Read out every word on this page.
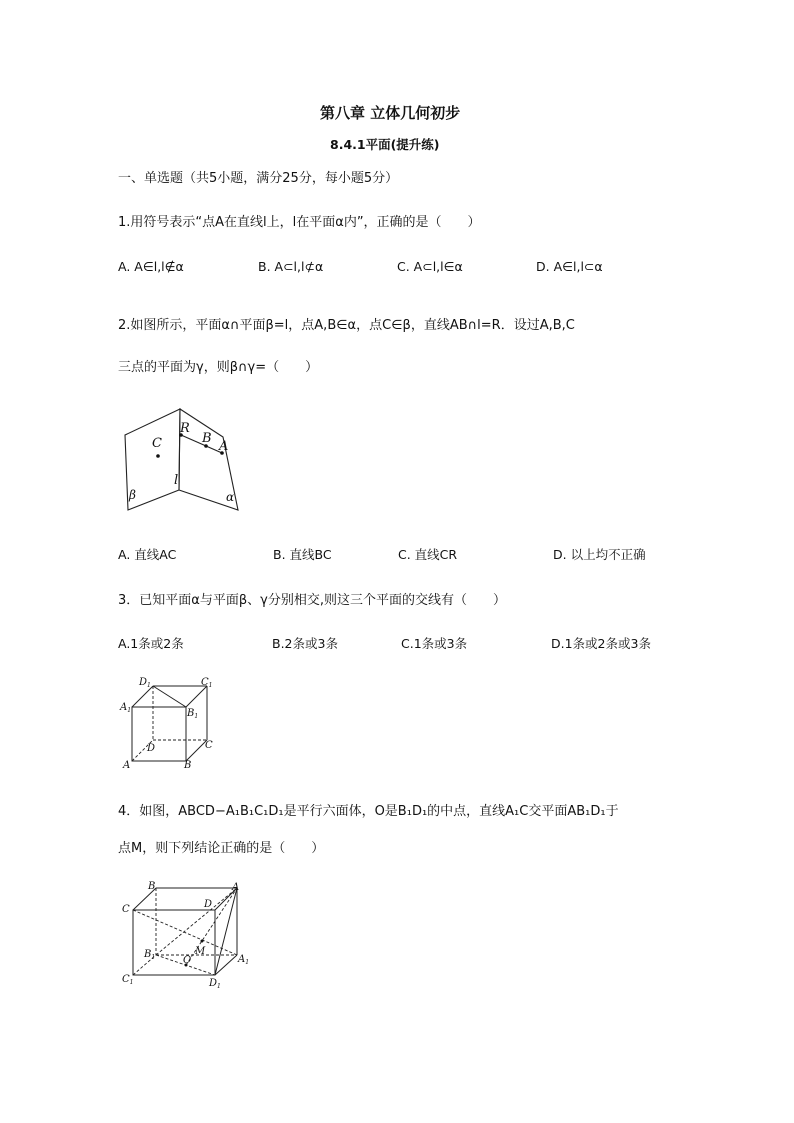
第八章 立体几何初步
8.4.1平面(提升练)
一、单选题（共5小题，满分25分，每小题5分）
1.用符号表示“点A在直线l上，l在平面α内”，正确的是（　　）
A. A∈l,l∉α	B. A⊂l,l⊄α	C. A⊂l,l∈α	D. A∈l,l⊂α
2.如图所示，平面α∩平面β=l，点A,B∈α，点C∈β，直线AB∩l=R．设过A,B,C
三点的平面为γ，则β∩γ=（　　）
R
B
A
C
l
β	α
A. 直线AC	B. 直线BC	C. 直线CR	D. 以上均不正确
3．已知平面α与平面β、γ分别相交,则这三个平面的交线有（　　）
A.1条或2条	B.2条或3条	C.1条或3条	D.1条或2条或3条
$D_1$	$C_1$
$A_1$	$B_1$
D	C
A	B
4．如图，ABCD−A₁B₁C₁D₁是平行六面体，O是B₁D₁的中点，直线A₁C交平面AB₁D₁于
点M，则下列结论正确的是（　　）
B	A
C	D
$B_1$
M
O	$A_1$
$C_1$	$D_1$
